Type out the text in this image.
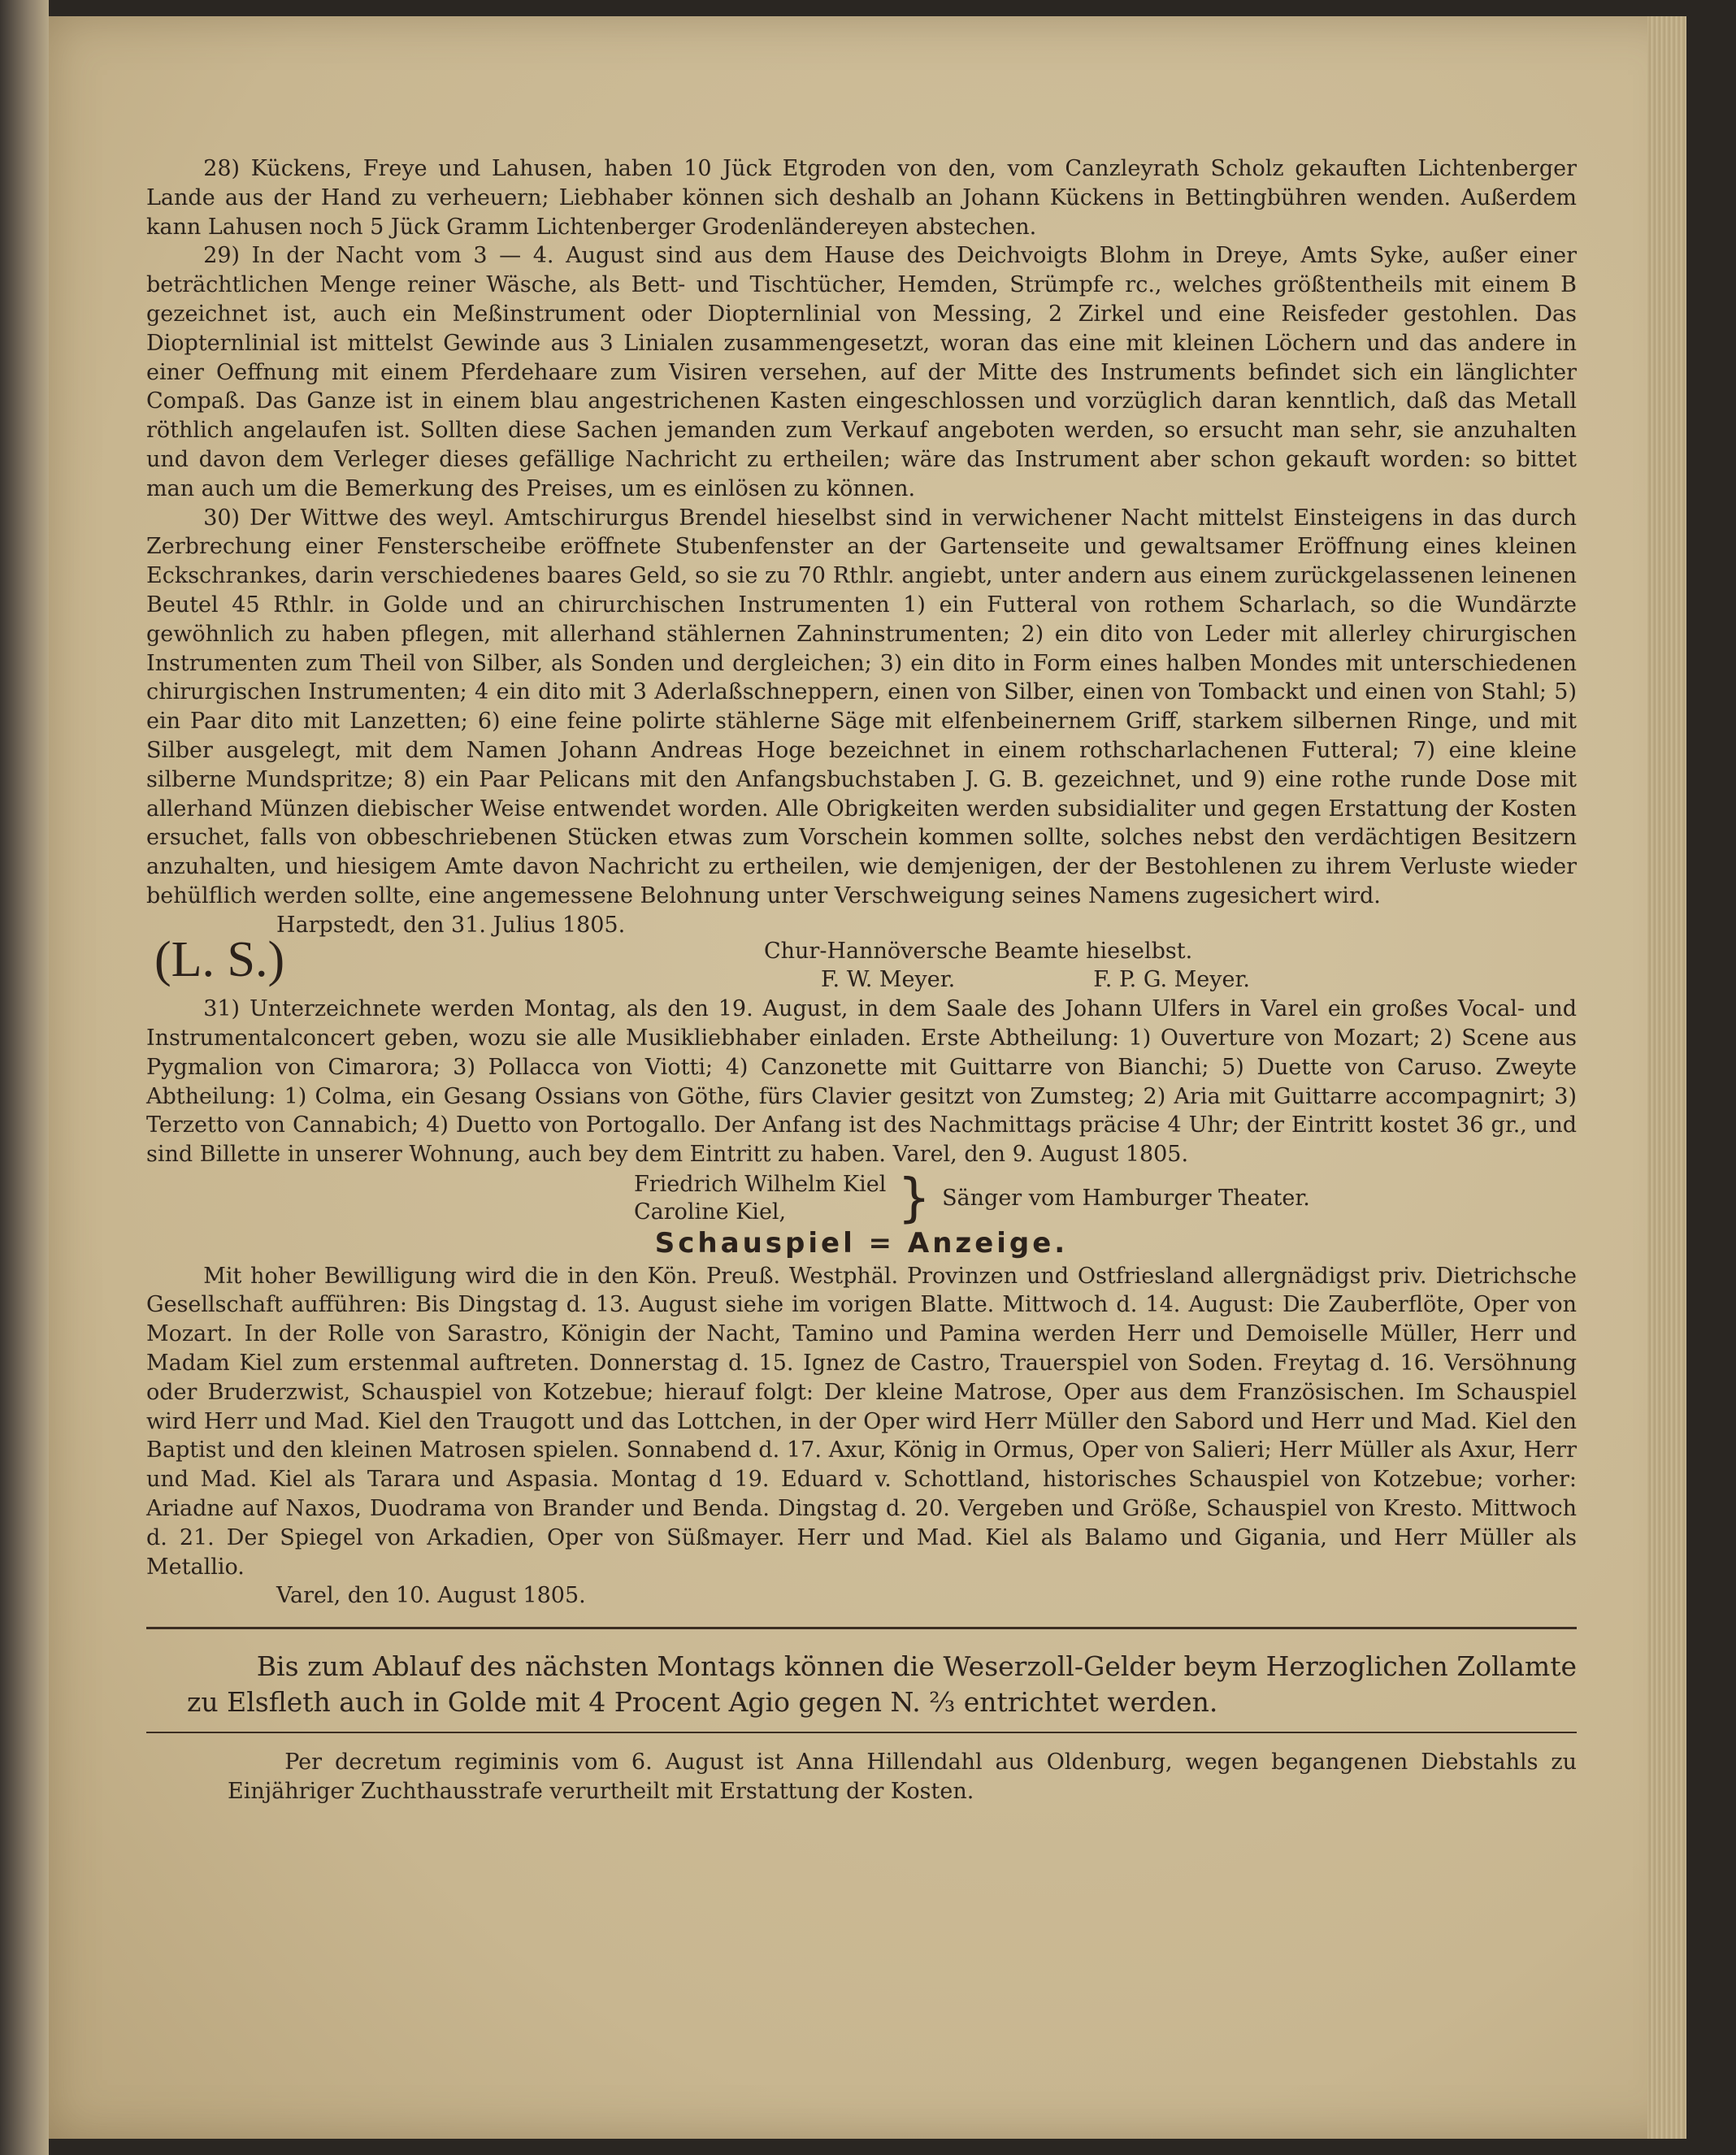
28) Kückens, Freye und Lahusen, haben 10 Jück Etgroden von den, vom Canzleyrath Scholz gekauften Lichtenberger Lande aus der Hand zu verheuern; Liebhaber können sich deshalb an Johann Kückens in Bettingbühren wenden. Außerdem kann Lahusen noch 5 Jück Gramm Lichtenberger Grodenländereyen abstechen.

29) In der Nacht vom 3 — 4. August sind aus dem Hause des Deichvoigts Blohm in Dreye, Amts Syke, außer einer beträchtlichen Menge reiner Wäsche, als Bett- und Tischtücher, Hemden, Strümpfe rc., welches größtentheils mit einem B gezeichnet ist, auch ein Meßinstrument oder Diopternlinial von Messing, 2 Zirkel und eine Reisfeder gestohlen. Das Diopternlinial ist mittelst Gewinde aus 3 Linialen zusammengesetzt, woran das eine mit kleinen Löchern und das andere in einer Oeffnung mit einem Pferdehaare zum Visiren versehen, auf der Mitte des Instruments befindet sich ein länglichter Compaß. Das Ganze ist in einem blau angestrichenen Kasten eingeschlossen und vorzüglich daran kenntlich, daß das Metall röthlich angelaufen ist. Sollten diese Sachen jemanden zum Verkauf angeboten werden, so ersucht man sehr, sie anzuhalten und davon dem Verleger dieses gefällige Nachricht zu ertheilen; wäre das Instrument aber schon gekauft worden: so bittet man auch um die Bemerkung des Preises, um es einlösen zu können.

30) Der Wittwe des weyl. Amtschirurgus Brendel hieselbst sind in verwichener Nacht mittelst Einsteigens in das durch Zerbrechung einer Fensterscheibe eröffnete Stubenfenster an der Gartenseite und gewaltsamer Eröffnung eines kleinen Eckschrankes, darin verschiedenes baares Geld, so sie zu 70 Rthlr. angiebt, unter andern aus einem zurückgelassenen leinenen Beutel 45 Rthlr. in Golde und an chirurchischen Instrumenten 1) ein Futteral von rothem Scharlach, so die Wundärzte gewöhnlich zu haben pflegen, mit allerhand stählernen Zahninstrumenten; 2) ein dito von Leder mit allerley chirurgischen Instrumenten zum Theil von Silber, als Sonden und dergleichen; 3) ein dito in Form eines halben Mondes mit unterschiedenen chirurgischen Instrumenten; 4 ein dito mit 3 Aderlaßschneppern, einen von Silber, einen von Tombackt und einen von Stahl; 5) ein Paar dito mit Lanzetten; 6) eine feine polirte stählerne Säge mit elfenbeinernem Griff, starkem silbernen Ringe, und mit Silber ausgelegt, mit dem Namen Johann Andreas Hoge bezeichnet in einem rothscharlachenen Futteral; 7) eine kleine silberne Mundspritze; 8) ein Paar Pelicans mit den Anfangsbuchstaben J. G. B. gezeichnet, und 9) eine rothe runde Dose mit allerhand Münzen diebischer Weise entwendet worden. Alle Obrigkeiten werden subsidialiter und gegen Erstattung der Kosten ersuchet, falls von obbeschriebenen Stücken etwas zum Vorschein kommen sollte, solches nebst den verdächtigen Besitzern anzuhalten, und hiesigem Amte davon Nachricht zu ertheilen, wie demjenigen, der der Bestohlenen zu ihrem Verluste wieder behülflich werden sollte, eine angemessene Belohnung unter Verschweigung seines Namens zugesichert wird.

Harpstedt, den 31. Julius 1805.
(L. S.)	Chur-Hannöversche Beamte hieselbst.
F. W. Meyer.	F. P. G. Meyer.

31) Unterzeichnete werden Montag, als den 19. August, in dem Saale des Johann Ulfers in Varel ein großes Vocal- und Instrumentalconcert geben, wozu sie alle Musikliebhaber einladen. Erste Abtheilung: 1) Ouverture von Mozart; 2) Scene aus Pygmalion von Cimarora; 3) Pollacca von Viotti; 4) Canzonette mit Guittarre von Bianchi; 5) Duette von Caruso. Zweyte Abtheilung: 1) Colma, ein Gesang Ossians von Göthe, fürs Clavier gesitzt von Zumsteg; 2) Aria mit Guittarre accompagnirt; 3) Terzetto von Cannabich; 4) Duetto von Portogallo. Der Anfang ist des Nachmittags präcise 4 Uhr; der Eintritt kostet 36 gr., und sind Billette in unserer Wohnung, auch bey dem Eintritt zu haben. Varel, den 9. August 1805.

Friedrich Wilhelm Kiel
Caroline Kiel,	} Sänger vom Hamburger Theater.
Schauspiel = Anzeige.

Mit hoher Bewilligung wird die in den Kön. Preuß. Westphäl. Provinzen und Ostfriesland allergnädigst priv. Dietrichsche Gesellschaft aufführen: Bis Dingstag d. 13. August siehe im vorigen Blatte. Mittwoch d. 14. August: Die Zauberflöte, Oper von Mozart. In der Rolle von Sarastro, Königin der Nacht, Tamino und Pamina werden Herr und Demoiselle Müller, Herr und Madam Kiel zum erstenmal auftreten. Donnerstag d. 15. Ignez de Castro, Trauerspiel von Soden. Freytag d. 16. Versöhnung oder Bruderzwist, Schauspiel von Kotzebue; hierauf folgt: Der kleine Matrose, Oper aus dem Französischen. Im Schauspiel wird Herr und Mad. Kiel den Traugott und das Lottchen, in der Oper wird Herr Müller den Sabord und Herr und Mad. Kiel den Baptist und den kleinen Matrosen spielen. Sonnabend d. 17. Axur, König in Ormus, Oper von Salieri; Herr Müller als Axur, Herr und Mad. Kiel als Tarara und Aspasia. Montag d 19. Eduard v. Schottland, historisches Schauspiel von Kotzebue; vorher: Ariadne auf Naxos, Duodrama von Brander und Benda. Dingstag d. 20. Vergeben und Größe, Schauspiel von Kresto. Mittwoch d. 21. Der Spiegel von Arkadien, Oper von Süßmayer. Herr und Mad. Kiel als Balamo und Gigania, und Herr Müller als Metallio.

Varel, den 10. August 1805.

Bis zum Ablauf des nächsten Montags können die Weserzoll-Gelder beym Herzoglichen Zollamte zu Elsfleth auch in Golde mit 4 Procent Agio gegen N. ⅔ entrichtet werden.

Per decretum regiminis vom 6. August ist Anna Hillendahl aus Oldenburg, wegen begangenen Diebstahls zu Einjähriger Zuchthausstrafe verurtheilt mit Erstattung der Kosten.
